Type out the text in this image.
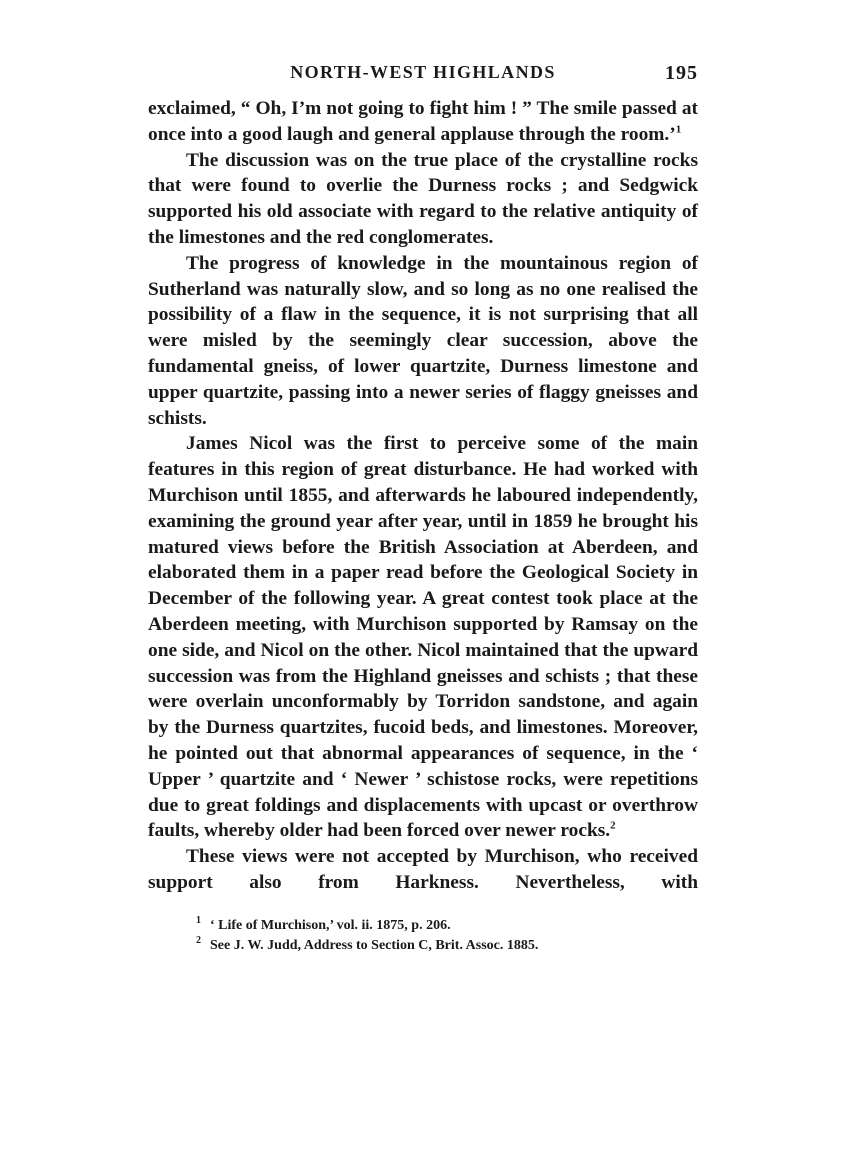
NORTH-WEST HIGHLANDS	195

exclaimed, “ Oh, I’m not going to fight him ! ” The smile passed at once into a good laugh and general applause through the room.’$^1$

The discussion was on the true place of the crystalline rocks that were found to overlie the Durness rocks ; and Sedgwick supported his old associate with regard to the relative antiquity of the limestones and the red conglomerates.

The progress of knowledge in the mountainous region of Sutherland was naturally slow, and so long as no one realised the possibility of a flaw in the sequence, it is not surprising that all were misled by the seemingly clear succession, above the fundamental gneiss, of lower quartzite, Durness limestone and upper quartzite, passing into a newer series of flaggy gneisses and schists.

James Nicol was the first to perceive some of the main features in this region of great disturbance. He had worked with Murchison until 1855, and afterwards he laboured independently, examining the ground year after year, until in 1859 he brought his matured views before the British Association at Aberdeen, and elaborated them in a paper read before the Geological Society in December of the following year. A great contest took place at the Aberdeen meeting, with Murchison supported by Ramsay on the one side, and Nicol on the other. Nicol maintained that the upward succession was from the Highland gneisses and schists ; that these were overlain unconformably by Torridon sandstone, and again by the Durness quartzites, fucoid beds, and limestones. Moreover, he pointed out that abnormal appearances of sequence, in the ‘ Upper ’ quartzite and ‘ Newer ’ schistose rocks, were repetitions due to great foldings and displacements with upcast or overthrow faults, whereby older had been forced over newer rocks.$^2$

These views were not accepted by Murchison, who received support also from Harkness. Nevertheless, with

1 ‘ Life of Murchison,’ vol. ii. 1875, p. 206.
2 See J. W. Judd, Address to Section C, Brit. Assoc. 1885.
